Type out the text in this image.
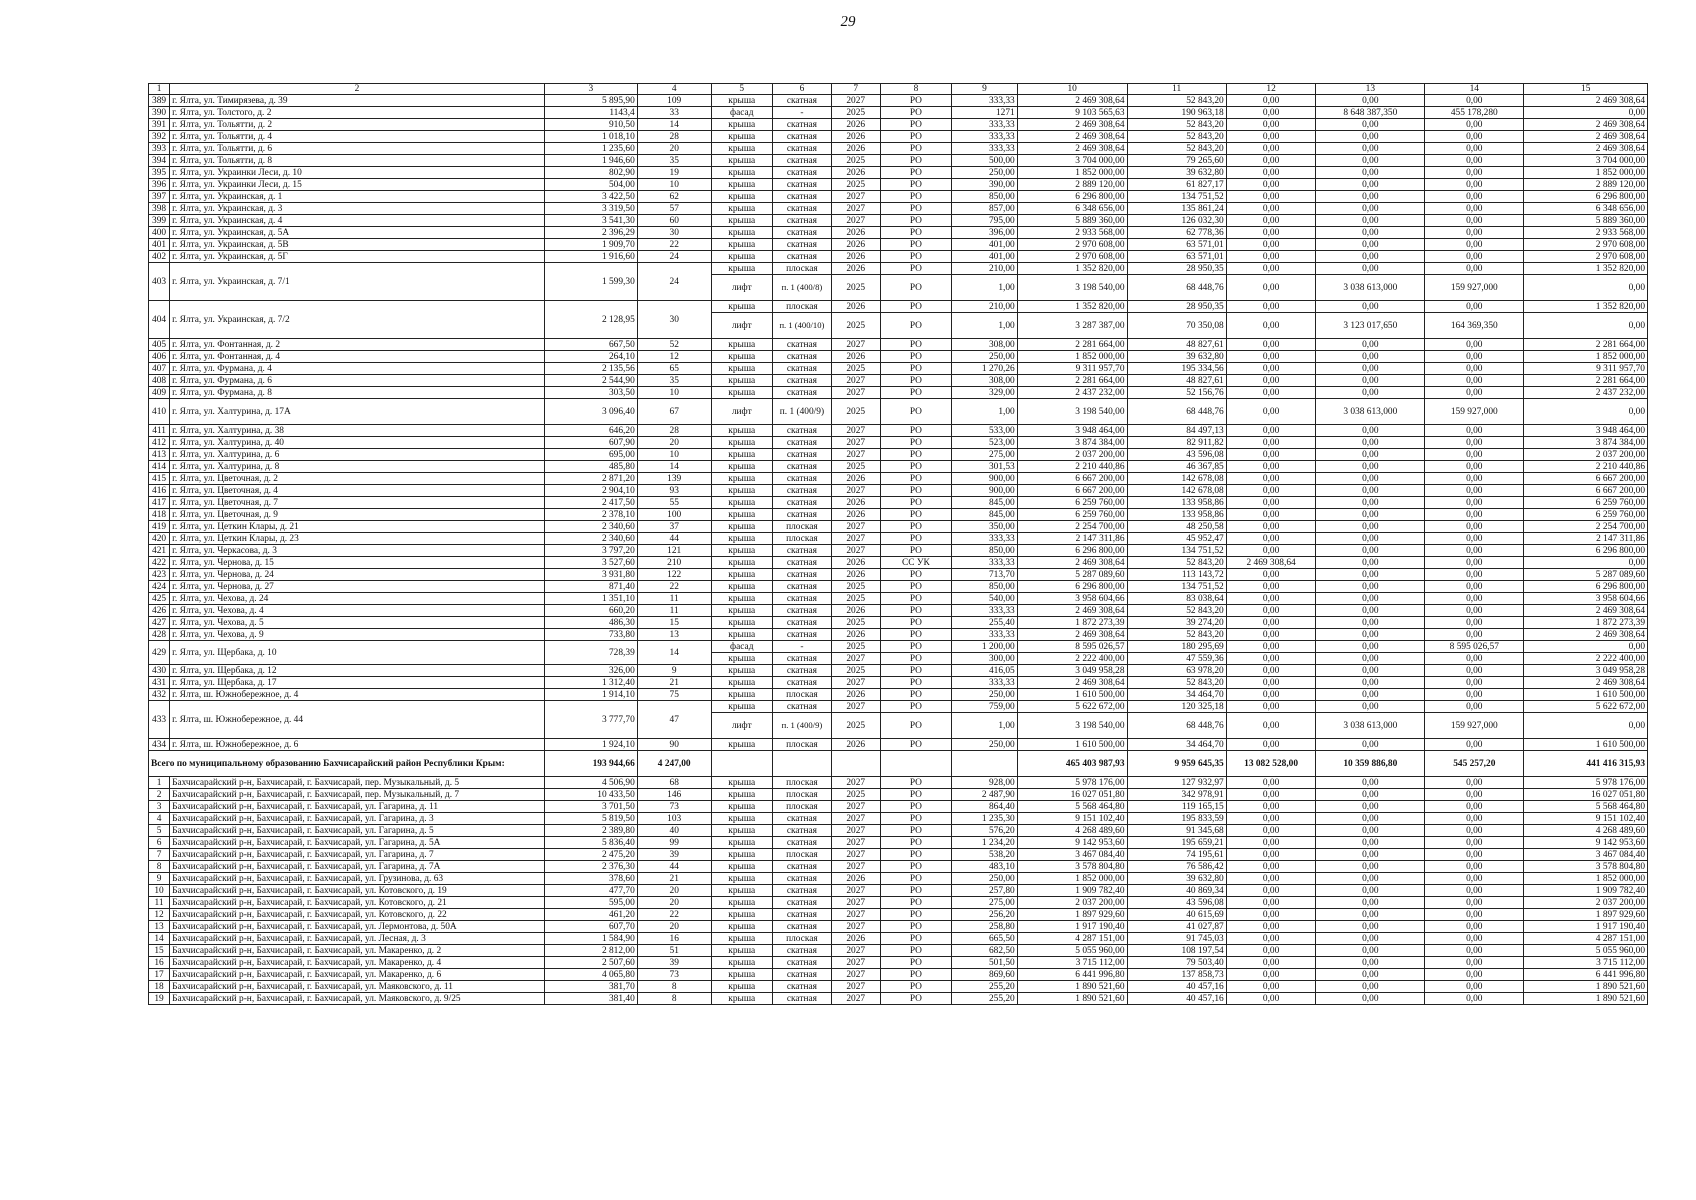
29
1	2	3	4	5	6	7	8	9	10	11	12	13	14	15
389	г. Ялта, ул. Тимирязева, д. 39	5 895,90	109	крыша	скатная	2027	РО	333,33	2 469 308,64	52 843,20	0,00	0,00	0,00	2 469 308,64
390	г. Ялта, ул. Толстого, д. 2	1143,4	33	фасад	-	2025	РО	1271	9 103 565,63	190 963,18	0,00	8 648 387,350	455 178,280	0,00
391	г. Ялта, ул. Тольятти, д. 2	910,50	14	крыша	скатная	2026	РО	333,33	2 469 308,64	52 843,20	0,00	0,00	0,00	2 469 308,64
392	г. Ялта, ул. Тольятти, д. 4	1 018,10	28	крыша	скатная	2026	РО	333,33	2 469 308,64	52 843,20	0,00	0,00	0,00	2 469 308,64
393	г. Ялта, ул. Тольятти, д. 6	1 235,60	20	крыша	скатная	2026	РО	333,33	2 469 308,64	52 843,20	0,00	0,00	0,00	2 469 308,64
394	г. Ялта, ул. Тольятти, д. 8	1 946,60	35	крыша	скатная	2025	РО	500,00	3 704 000,00	79 265,60	0,00	0,00	0,00	3 704 000,00
395	г. Ялта, ул. Украинки Леси, д. 10	802,90	19	крыша	скатная	2026	РО	250,00	1 852 000,00	39 632,80	0,00	0,00	0,00	1 852 000,00
396	г. Ялта, ул. Украинки Леси, д. 15	504,00	10	крыша	скатная	2025	РО	390,00	2 889 120,00	61 827,17	0,00	0,00	0,00	2 889 120,00
397	г. Ялта, ул. Украинская, д. 1	3 422,50	62	крыша	скатная	2027	РО	850,00	6 296 800,00	134 751,52	0,00	0,00	0,00	6 296 800,00
398	г. Ялта, ул. Украинская, д. 3	3 319,50	57	крыша	скатная	2027	РО	857,00	6 348 656,00	135 861,24	0,00	0,00	0,00	6 348 656,00
399	г. Ялта, ул. Украинская, д. 4	3 541,30	60	крыша	скатная	2027	РО	795,00	5 889 360,00	126 032,30	0,00	0,00	0,00	5 889 360,00
400	г. Ялта, ул. Украинская, д. 5А	2 396,29	30	крыша	скатная	2026	РО	396,00	2 933 568,00	62 778,36	0,00	0,00	0,00	2 933 568,00
401	г. Ялта, ул. Украинская, д. 5В	1 909,70	22	крыша	скатная	2026	РО	401,00	2 970 608,00	63 571,01	0,00	0,00	0,00	2 970 608,00
402	г. Ялта, ул. Украинская, д. 5Г	1 916,60	24	крыша	скатная	2026	РО	401,00	2 970 608,00	63 571,01	0,00	0,00	0,00	2 970 608,00
403	г. Ялта, ул. Украинская, д. 7/1	1 599,30	24	крыша	плоская	2026	РО	210,00	1 352 820,00	28 950,35	0,00	0,00	0,00	1 352 820,00
				лифт	п. 1 (400/8)	2025	РО	1,00	3 198 540,00	68 448,76	0,00	3 038 613,000	159 927,000	0,00
404	г. Ялта, ул. Украинская, д. 7/2	2 128,95	30	крыша	плоская	2026	РО	210,00	1 352 820,00	28 950,35	0,00	0,00	0,00	1 352 820,00
				лифт	п. 1 (400/10)	2025	РО	1,00	3 287 387,00	70 350,08	0,00	3 123 017,650	164 369,350	0,00
405	г. Ялта, ул. Фонтанная, д. 2	667,50	52	крыша	скатная	2027	РО	308,00	2 281 664,00	48 827,61	0,00	0,00	0,00	2 281 664,00
406	г. Ялта, ул. Фонтанная, д. 4	264,10	12	крыша	скатная	2026	РО	250,00	1 852 000,00	39 632,80	0,00	0,00	0,00	1 852 000,00
407	г. Ялта, ул. Фурмана, д. 4	2 135,56	65	крыша	скатная	2025	РО	1 270,26	9 311 957,70	195 334,56	0,00	0,00	0,00	9 311 957,70
408	г. Ялта, ул. Фурмана, д. 6	2 544,90	35	крыша	скатная	2027	РО	308,00	2 281 664,00	48 827,61	0,00	0,00	0,00	2 281 664,00
409	г. Ялта, ул. Фурмана, д. 8	303,50	10	крыша	скатная	2027	РО	329,00	2 437 232,00	52 156,76	0,00	0,00	0,00	2 437 232,00
410	г. Ялта, ул. Халтурина, д. 17А	3 096,40	67	лифт	п. 1 (400/9)	2025	РО	1,00	3 198 540,00	68 448,76	0,00	3 038 613,000	159 927,000	0,00
411	г. Ялта, ул. Халтурина, д. 38	646,20	28	крыша	скатная	2027	РО	533,00	3 948 464,00	84 497,13	0,00	0,00	0,00	3 948 464,00
412	г. Ялта, ул. Халтурина, д. 40	607,90	20	крыша	скатная	2027	РО	523,00	3 874 384,00	82 911,82	0,00	0,00	0,00	3 874 384,00
413	г. Ялта, ул. Халтурина, д. 6	695,00	10	крыша	скатная	2027	РО	275,00	2 037 200,00	43 596,08	0,00	0,00	0,00	2 037 200,00
414	г. Ялта, ул. Халтурина, д. 8	485,80	14	крыша	скатная	2025	РО	301,53	2 210 440,86	46 367,85	0,00	0,00	0,00	2 210 440,86
415	г. Ялта, ул. Цветочная, д. 2	2 871,20	139	крыша	скатная	2026	РО	900,00	6 667 200,00	142 678,08	0,00	0,00	0,00	6 667 200,00
416	г. Ялта, ул. Цветочная, д. 4	2 904,10	93	крыша	скатная	2027	РО	900,00	6 667 200,00	142 678,08	0,00	0,00	0,00	6 667 200,00
417	г. Ялта, ул. Цветочная, д. 7	2 417,50	55	крыша	скатная	2026	РО	845,00	6 259 760,00	133 958,86	0,00	0,00	0,00	6 259 760,00
418	г. Ялта, ул. Цветочная, д. 9	2 378,10	100	крыша	скатная	2026	РО	845,00	6 259 760,00	133 958,86	0,00	0,00	0,00	6 259 760,00
419	г. Ялта, ул. Цеткин Клары, д. 21	2 340,60	37	крыша	плоская	2027	РО	350,00	2 254 700,00	48 250,58	0,00	0,00	0,00	2 254 700,00
420	г. Ялта, ул. Цеткин Клары, д. 23	2 340,60	44	крыша	плоская	2027	РО	333,33	2 147 311,86	45 952,47	0,00	0,00	0,00	2 147 311,86
421	г. Ялта, ул. Черкасова, д. 3	3 797,20	121	крыша	скатная	2027	РО	850,00	6 296 800,00	134 751,52	0,00	0,00	0,00	6 296 800,00
422	г. Ялта, ул. Чернова, д. 15	3 527,60	210	крыша	скатная	2026	СС УК	333,33	2 469 308,64	52 843,20	2 469 308,64	0,00	0,00	0,00
423	г. Ялта, ул. Чернова, д. 24	3 931,80	122	крыша	скатная	2026	РО	713,70	5 287 089,60	113 143,72	0,00	0,00	0,00	5 287 089,60
424	г. Ялта, ул. Чернова, д. 27	871,40	22	крыша	скатная	2025	РО	850,00	6 296 800,00	134 751,52	0,00	0,00	0,00	6 296 800,00
425	г. Ялта, ул. Чехова, д. 24	1 351,10	11	крыша	скатная	2025	РО	540,00	3 958 604,66	83 038,64	0,00	0,00	0,00	3 958 604,66
426	г. Ялта, ул. Чехова, д. 4	660,20	11	крыша	скатная	2026	РО	333,33	2 469 308,64	52 843,20	0,00	0,00	0,00	2 469 308,64
427	г. Ялта, ул. Чехова, д. 5	486,30	15	крыша	скатная	2025	РО	255,40	1 872 273,39	39 274,20	0,00	0,00	0,00	1 872 273,39
428	г. Ялта, ул. Чехова, д. 9	733,80	13	крыша	скатная	2026	РО	333,33	2 469 308,64	52 843,20	0,00	0,00	0,00	2 469 308,64
429	г. Ялта, ул. Щербака, д. 10	728,39	14	фасад	-	2025	РО	1 200,00	8 595 026,57	180 295,69	0,00	0,00	8 595 026,57	0,00
				крыша	скатная	2027	РО	300,00	2 222 400,00	47 559,36	0,00	0,00	0,00	2 222 400,00
430	г. Ялта, ул. Щербака, д. 12	326,00	9	крыша	скатная	2025	РО	416,05	3 049 958,28	63 978,20	0,00	0,00	0,00	3 049 958,28
431	г. Ялта, ул. Щербака, д. 17	1 312,40	21	крыша	скатная	2027	РО	333,33	2 469 308,64	52 843,20	0,00	0,00	0,00	2 469 308,64
432	г. Ялта, ш. Южнобережное, д. 4	1 914,10	75	крыша	плоская	2026	РО	250,00	1 610 500,00	34 464,70	0,00	0,00	0,00	1 610 500,00
433	г. Ялта, ш. Южнобережное, д. 44	3 777,70	47	крыша	скатная	2027	РО	759,00	5 622 672,00	120 325,18	0,00	0,00	0,00	5 622 672,00
				лифт	п. 1 (400/9)	2025	РО	1,00	3 198 540,00	68 448,76	0,00	3 038 613,000	159 927,000	0,00
434	г. Ялта, ш. Южнобережное, д. 6	1 924,10	90	крыша	плоская	2026	РО	250,00	1 610 500,00	34 464,70	0,00	0,00	0,00	1 610 500,00
Всего по муниципальному образованию Бахчисарайский район Республики Крым:		193 944,66	4 247,00						465 403 987,93	9 959 645,35	13 082 528,00	10 359 886,80	545 257,20	441 416 315,93
1	Бахчисарайский р-н, Бахчисарай, г. Бахчисарай, пер. Музыкальный, д. 5	4 506,90	68	крыша	плоская	2027	РО	928,00	5 978 176,00	127 932,97	0,00	0,00	0,00	5 978 176,00
2	Бахчисарайский р-н, Бахчисарай, г. Бахчисарай, пер. Музыкальный, д. 7	10 433,50	146	крыша	плоская	2025	РО	2 487,90	16 027 051,80	342 978,91	0,00	0,00	0,00	16 027 051,80
3	Бахчисарайский р-н, Бахчисарай, г. Бахчисарай, ул. Гагарина, д. 11	3 701,50	73	крыша	плоская	2027	РО	864,40	5 568 464,80	119 165,15	0,00	0,00	0,00	5 568 464,80
4	Бахчисарайский р-н, Бахчисарай, г. Бахчисарай, ул. Гагарина, д. 3	5 819,50	103	крыша	скатная	2027	РО	1 235,30	9 151 102,40	195 833,59	0,00	0,00	0,00	9 151 102,40
5	Бахчисарайский р-н, Бахчисарай, г. Бахчисарай, ул. Гагарина, д. 5	2 389,80	40	крыша	скатная	2027	РО	576,20	4 268 489,60	91 345,68	0,00	0,00	0,00	4 268 489,60
6	Бахчисарайский р-н, Бахчисарай, г. Бахчисарай, ул. Гагарина, д. 5А	5 836,40	99	крыша	скатная	2027	РО	1 234,20	9 142 953,60	195 659,21	0,00	0,00	0,00	9 142 953,60
7	Бахчисарайский р-н, Бахчисарай, г. Бахчисарай, ул. Гагарина, д. 7	2 475,20	39	крыша	плоская	2027	РО	538,20	3 467 084,40	74 195,61	0,00	0,00	0,00	3 467 084,40
8	Бахчисарайский р-н, Бахчисарай, г. Бахчисарай, ул. Гагарина, д. 7А	2 376,30	44	крыша	скатная	2027	РО	483,10	3 578 804,80	76 586,42	0,00	0,00	0,00	3 578 804,80
9	Бахчисарайский р-н, Бахчисарай, г. Бахчисарай, ул. Грузинова, д. 63	378,60	21	крыша	скатная	2026	РО	250,00	1 852 000,00	39 632,80	0,00	0,00	0,00	1 852 000,00
10	Бахчисарайский р-н, Бахчисарай, г. Бахчисарай, ул. Котовского, д. 19	477,70	20	крыша	скатная	2027	РО	257,80	1 909 782,40	40 869,34	0,00	0,00	0,00	1 909 782,40
11	Бахчисарайский р-н, Бахчисарай, г. Бахчисарай, ул. Котовского, д. 21	595,00	20	крыша	скатная	2027	РО	275,00	2 037 200,00	43 596,08	0,00	0,00	0,00	2 037 200,00
12	Бахчисарайский р-н, Бахчисарай, г. Бахчисарай, ул. Котовского, д. 22	461,20	22	крыша	скатная	2027	РО	256,20	1 897 929,60	40 615,69	0,00	0,00	0,00	1 897 929,60
13	Бахчисарайский р-н, Бахчисарай, г. Бахчисарай, ул. Лермонтова, д. 50А	607,70	20	крыша	скатная	2027	РО	258,80	1 917 190,40	41 027,87	0,00	0,00	0,00	1 917 190,40
14	Бахчисарайский р-н, Бахчисарай, г. Бахчисарай, ул. Лесная, д. 3	1 584,90	16	крыша	плоская	2026	РО	665,50	4 287 151,00	91 745,03	0,00	0,00	0,00	4 287 151,00
15	Бахчисарайский р-н, Бахчисарай, г. Бахчисарай, ул. Макаренко, д. 2	2 812,00	51	крыша	скатная	2027	РО	682,50	5 055 960,00	108 197,54	0,00	0,00	0,00	5 055 960,00
16	Бахчисарайский р-н, Бахчисарай, г. Бахчисарай, ул. Макаренко, д. 4	2 507,60	39	крыша	скатная	2027	РО	501,50	3 715 112,00	79 503,40	0,00	0,00	0,00	3 715 112,00
17	Бахчисарайский р-н, Бахчисарай, г. Бахчисарай, ул. Макаренко, д. 6	4 065,80	73	крыша	скатная	2027	РО	869,60	6 441 996,80	137 858,73	0,00	0,00	0,00	6 441 996,80
18	Бахчисарайский р-н, Бахчисарай, г. Бахчисарай, ул. Маяковского, д. 11	381,70	8	крыша	скатная	2027	РО	255,20	1 890 521,60	40 457,16	0,00	0,00	0,00	1 890 521,60
19	Бахчисарайский р-н, Бахчисарай, г. Бахчисарай, ул. Маяковского, д. 9/25	381,40	8	крыша	скатная	2027	РО	255,20	1 890 521,60	40 457,16	0,00	0,00	0,00	1 890 521,60
